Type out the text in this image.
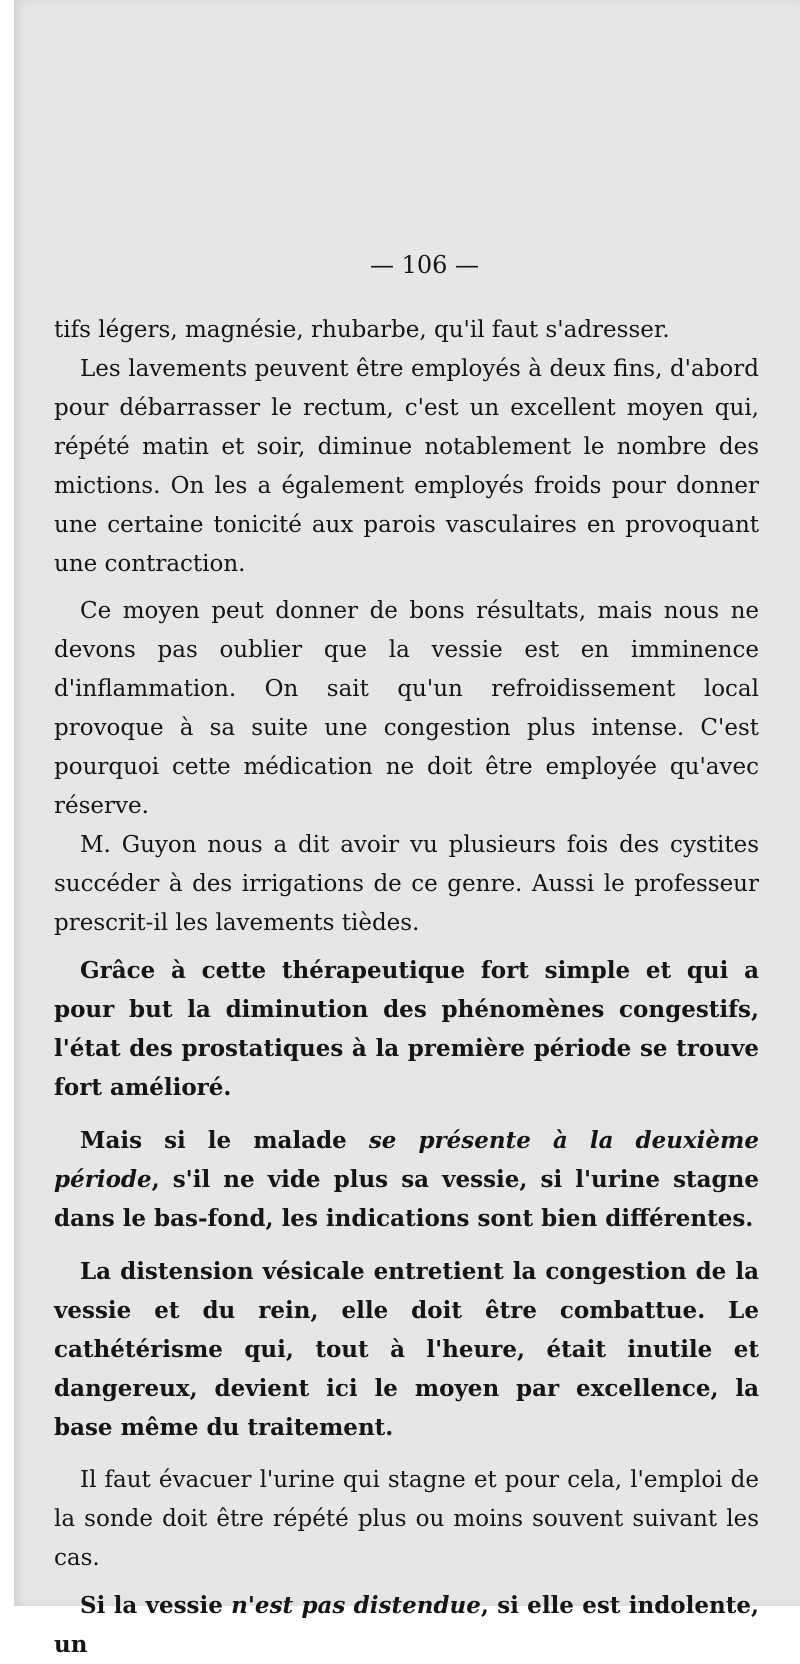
— 106 —

tifs légers, magnésie, rhubarbe, qu'il faut s'adresser.

Les lavements peuvent être employés à deux fins, d'abord pour débarrasser le rectum, c'est un excellent moyen qui, répété matin et soir, diminue notablement le nombre des mictions. On les a également employés froids pour donner une certaine tonicité aux parois vasculaires en provoquant une contraction.

Ce moyen peut donner de bons résultats, mais nous ne devons pas oublier que la vessie est en imminence d'inflammation. On sait qu'un refroidissement local provoque à sa suite une congestion plus intense. C'est pourquoi cette médication ne doit être employée qu'avec réserve.

M. Guyon nous a dit avoir vu plusieurs fois des cystites succéder à des irrigations de ce genre. Aussi le professeur prescrit-il les lavements tièdes.

Grâce à cette thérapeutique fort simple et qui a pour but la diminution des phénomènes congestifs, l'état des prostatiques à la première période se trouve fort amélioré.

Mais si le malade se présente à la deuxième période, s'il ne vide plus sa vessie, si l'urine stagne dans le bas-fond, les indications sont bien différentes.

La distension vésicale entretient la congestion de la vessie et du rein, elle doit être combattue. Le cathétérisme qui, tout à l'heure, était inutile et dangereux, devient ici le moyen par excellence, la base même du traitement.

Il faut évacuer l'urine qui stagne et pour cela, l'emploi de la sonde doit être répété plus ou moins souvent suivant les cas.

Si la vessie n'est pas distendue, si elle est indolente, un
